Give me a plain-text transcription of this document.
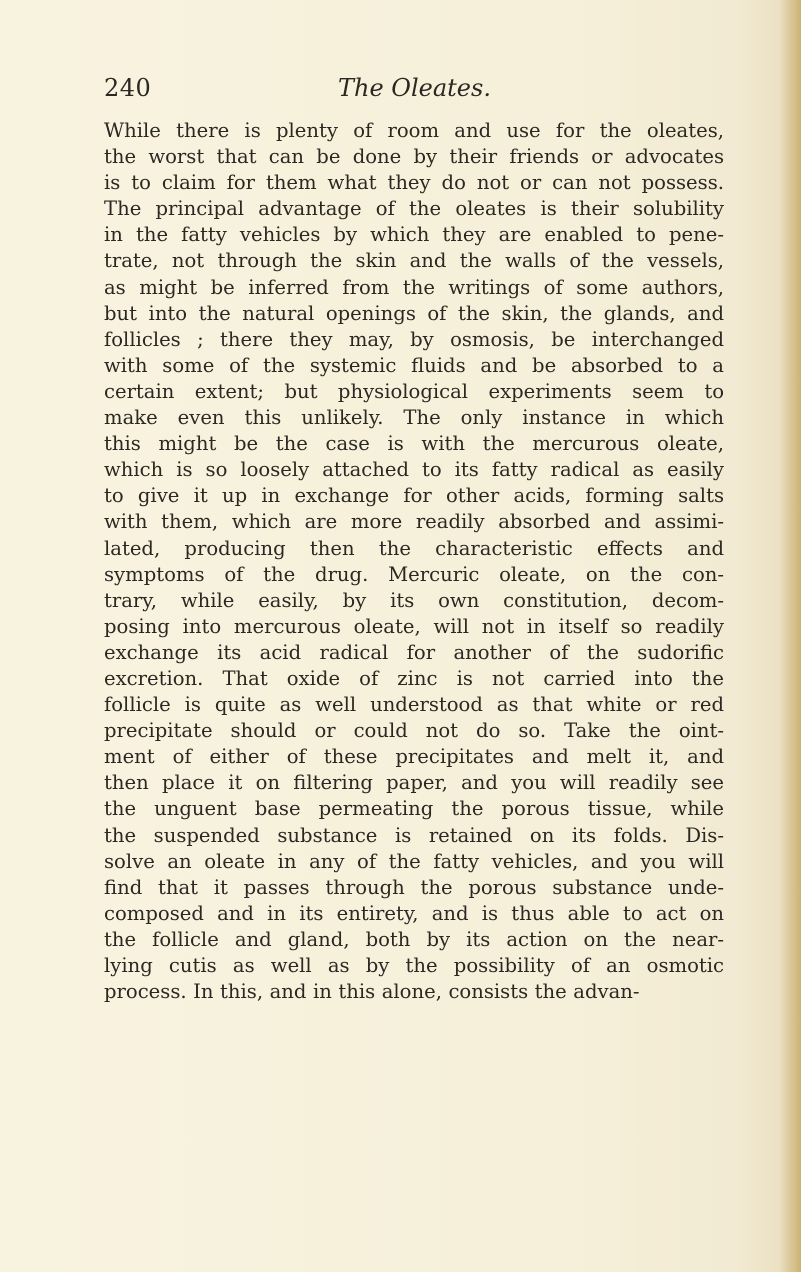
240	The Oleates.
While there is plenty of room and use for the oleates,
the worst that can be done by their friends or advocates
is to claim for them what they do not or can not possess.
The principal advantage of the oleates is their solubility
in the fatty vehicles by which they are enabled to pene-
trate, not through the skin and the walls of the vessels,
as might be inferred from the writings of some authors,
but into the natural openings of the skin, the glands, and
follicles ; there they may, by osmosis, be interchanged
with some of the systemic fluids and be absorbed to a
certain extent; but physiological experiments seem to
make even this unlikely. The only instance in which
this might be the case is with the mercurous oleate,
which is so loosely attached to its fatty radical as easily
to give it up in exchange for other acids, forming salts
with them, which are more readily absorbed and assimi-
lated, producing then the characteristic effects and
symptoms of the drug. Mercuric oleate, on the con-
trary, while easily, by its own constitution, decom-
posing into mercurous oleate, will not in itself so readily
exchange its acid radical for another of the sudorific
excretion. That oxide of zinc is not carried into the
follicle is quite as well understood as that white or red
precipitate should or could not do so. Take the oint-
ment of either of these precipitates and melt it, and
then place it on filtering paper, and you will readily see
the unguent base permeating the porous tissue, while
the suspended substance is retained on its folds. Dis-
solve an oleate in any of the fatty vehicles, and you will
find that it passes through the porous substance unde-
composed and in its entirety, and is thus able to act on
the follicle and gland, both by its action on the near-
lying cutis as well as by the possibility of an osmotic
process. In this, and in this alone, consists the advan-
